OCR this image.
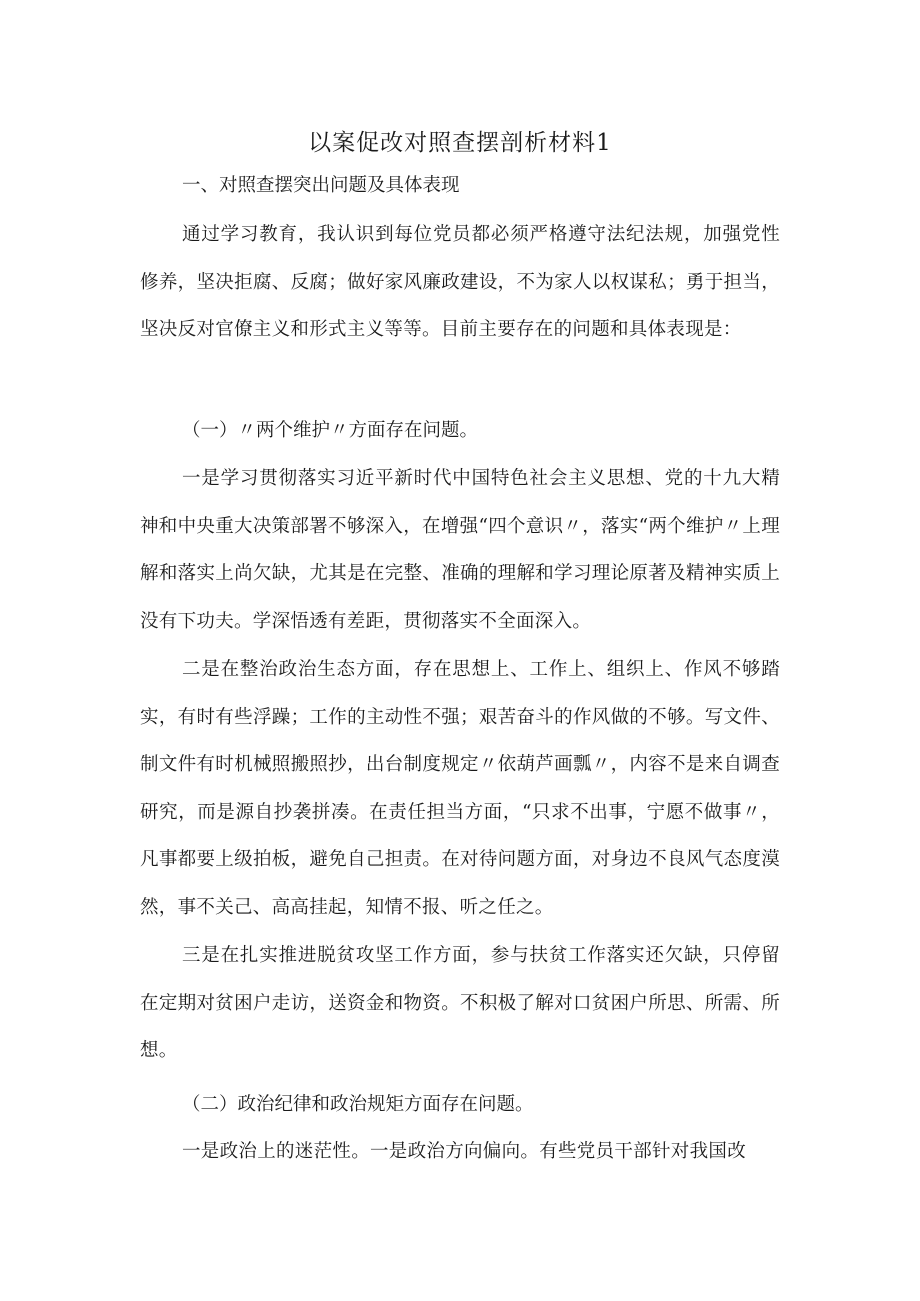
以案促改对照查摆剖析材料1
一、对照查摆突出问题及具体表现
通过学习教育，我认识到每位党员都必须严格遵守法纪法规，加强党性修养，坚决拒腐、反腐；做好家风廉政建设，不为家人以权谋私；勇于担当，坚决反对官僚主义和形式主义等等。目前主要存在的问题和具体表现是：
（一）〃两个维护〃方面存在问题。
一是学习贯彻落实习近平新时代中国特色社会主义思想、党的十九大精神和中央重大决策部署不够深入，在增强“四个意识〃，落实“两个维护〃上理解和落实上尚欠缺，尤其是在完整、准确的理解和学习理论原著及精神实质上没有下功夫。学深悟透有差距，贯彻落实不全面深入。
二是在整治政治生态方面，存在思想上、工作上、组织上、作风不够踏实，有时有些浮躁；工作的主动性不强；艰苦奋斗的作风做的不够。写文件、制文件有时机械照搬照抄，出台制度规定〃依葫芦画瓢〃，内容不是来自调查研究，而是源自抄袭拼凑。在责任担当方面，“只求不出事，宁愿不做事〃，凡事都要上级拍板，避免自己担责。在对待问题方面，对身边不良风气态度漠然，事不关己、高高挂起，知情不报、听之任之。
三是在扎实推进脱贫攻坚工作方面，参与扶贫工作落实还欠缺，只停留在定期对贫困户走访，送资金和物资。不积极了解对口贫困户所思、所需、所想。
（二）政治纪律和政治规矩方面存在问题。
一是政治上的迷茫性。一是政治方向偏向。有些党员干部针对我国改
